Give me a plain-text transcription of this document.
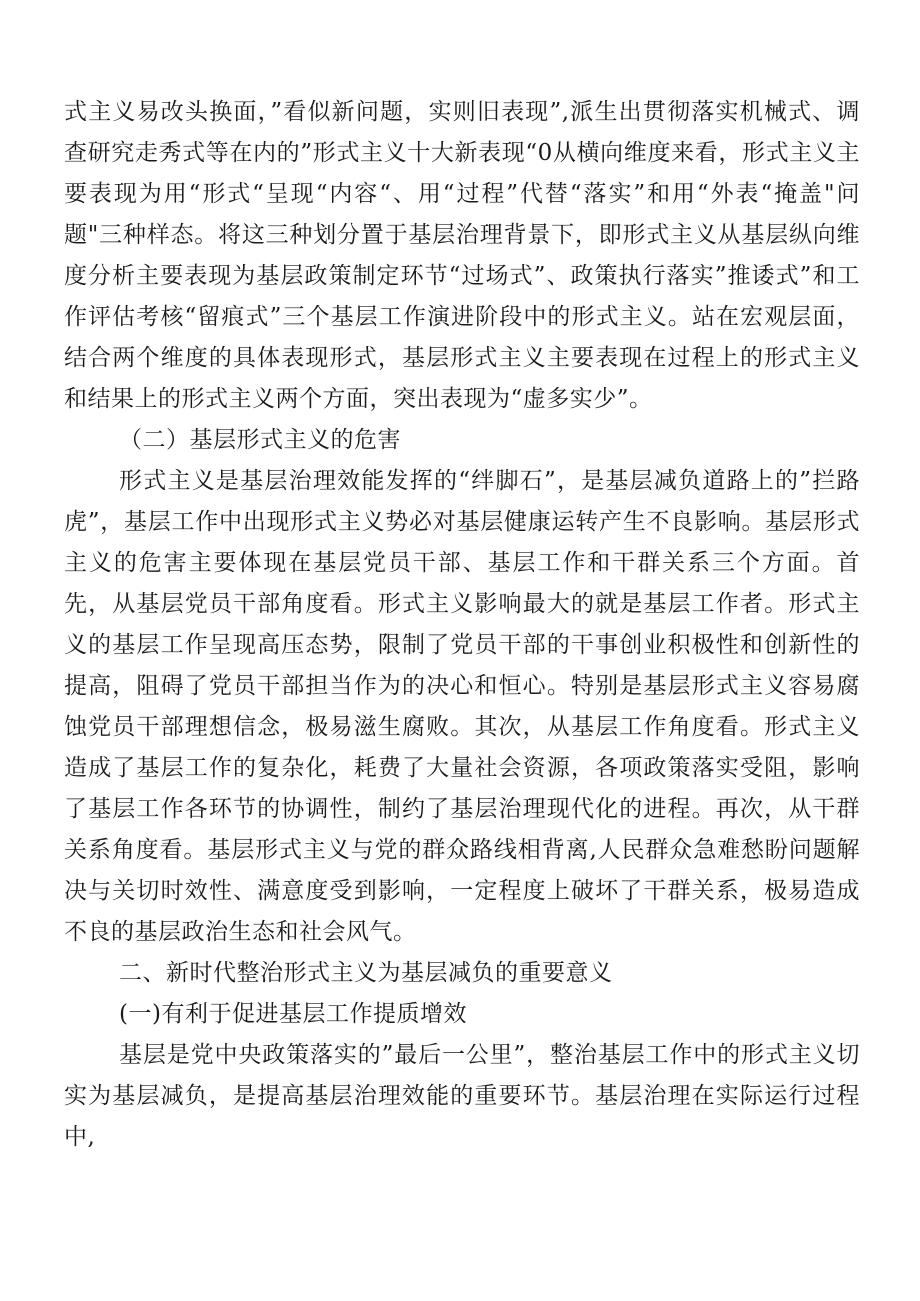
式主义易改头换面，”看似新问题，实则旧表现”,派生出贯彻落实机械式、调查研究走秀式等在内的”形式主义十大新表现“0从横向维度来看，形式主义主要表现为用“形式“呈现“内容“、用“过程”代替“落实”和用“外表“掩盖"问题"三种样态。将这三种划分置于基层治理背景下，即形式主义从基层纵向维度分析主要表现为基层政策制定环节“过场式”、政策执行落实”推诿式”和工作评估考核“留痕式”三个基层工作演进阶段中的形式主义。站在宏观层面，结合两个维度的具体表现形式，基层形式主义主要表现在过程上的形式主义和结果上的形式主义两个方面，突出表现为“虚多实少”。

（二）基层形式主义的危害

形式主义是基层治理效能发挥的“绊脚石”，是基层减负道路上的”拦路虎”，基层工作中出现形式主义势必对基层健康运转产生不良影响。基层形式主义的危害主要体现在基层党员干部、基层工作和干群关系三个方面。首先，从基层党员干部角度看。形式主义影响最大的就是基层工作者。形式主义的基层工作呈现高压态势，限制了党员干部的干事创业积极性和创新性的提高，阻碍了党员干部担当作为的决心和恒心。特别是基层形式主义容易腐蚀党员干部理想信念，极易滋生腐败。其次，从基层工作角度看。形式主义造成了基层工作的复杂化，耗费了大量社会资源，各项政策落实受阻，影响了基层工作各环节的协调性，制约了基层治理现代化的进程。再次，从干群关系角度看。基层形式主义与党的群众路线相背离,人民群众急难愁盼问题解决与关切时效性、满意度受到影响，一定程度上破坏了干群关系，极易造成不良的基层政治生态和社会风气。

二、新时代整治形式主义为基层减负的重要意义

(一)有利于促进基层工作提质增效

基层是党中央政策落实的”最后一公里”，整治基层工作中的形式主义切实为基层减负，是提高基层治理效能的重要环节。基层治理在实际运行过程中,
